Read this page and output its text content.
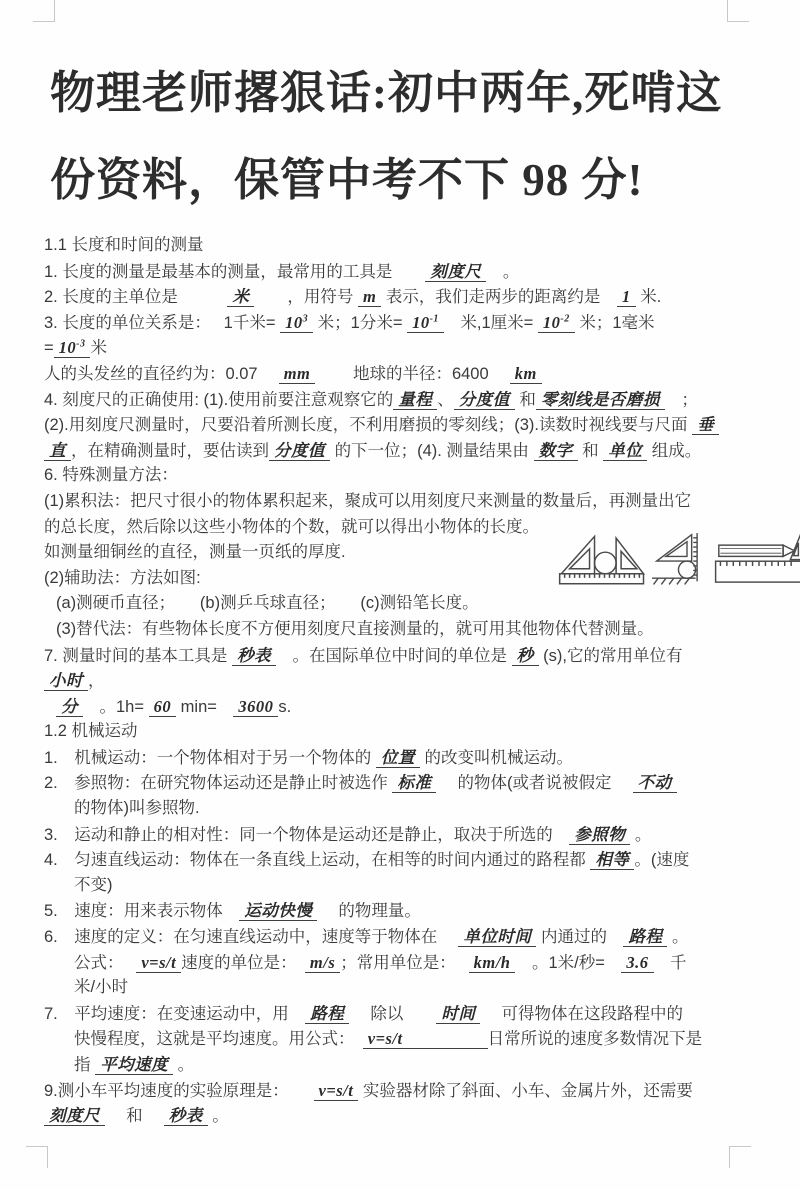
物理老师撂狠话:初中两年,死啃这
份资料，保管中考不下 98 分!
1.1 长度和时间的测量
1. 长度的测量是最基本的测量，最常用的工具是　　刻度尺　。
2. 长度的主单位是　　　米　　，用符号 m 表示，我们走两步的距离约是　1 米.
3. 长度的单位关系是：　 1千米= $10^3$ 米；1分米= $10^{-1}$　米,1厘米= $10^{-2}$ 米；1毫米
= $10^{-3}$ 米
人的头发丝的直径约为：0.07　 mm　　 地球的半径：6400　 km
4. 刻度尺的正确使用: (1).使用前要注意观察它的 量程 、 分度值 和 零刻线是否磨损　；
(2).用刻度尺测量时，尺要沿着所测长度，不利用磨损的零刻线；(3).读数时视线要与尺面 垂
直 ，在精确测量时，要估读到 分度值 的下一位；(4). 测量结果由 数字 和 单位 组成。
6. 特殊测量方法：
(1)累积法：把尺寸很小的物体累积起来，聚成可以用刻度尺来测量的数量后，再测量出它
的总长度，然后除以这些小物体的个数，就可以得出小物体的长度。
如测量细铜丝的直径，测量一页纸的厚度.
(2)辅助法：方法如图:
(a)测硬币直径；　　(b)测乒乓球直径；　　(c)测铅笔长度。
(3)替代法：有些物体长度不方便用刻度尺直接测量的，就可用其他物体代替测量。
7. 测量时间的基本工具是 秒表　。在国际单位中时间的单位是 秒 (s),它的常用单位有
小时 ，
分　。1h= 60 min=　3600 s.
1.2 机械运动
1.　机械运动：一个物体相对于另一个物体的 位置 的改变叫机械运动。
2.　参照物：在研究物体运动还是静止时被选作 标准　 的物体(或者说被假定　 不动
的物体)叫参照物.
3.　运动和静止的相对性：同一个物体是运动还是静止，取决于所选的　参照物 。
4.　匀速直线运动：物体在一条直线上运动，在相等的时间内通过的路程都 相等 。(速度
不变)
5.　速度：用来表示物体　运动快慢　 的物理量。
6.　速度的定义：在匀速直线运动中，速度等于物体在　 单位时间 内通过的　路程 。
公式：　 v=s/t 速度的单位是：　m/s ；常用单位是：　 km/h　。1米/秒=　3.6　千
米/小时
7.　平均速度：在变速运动中，用　路程　 除以　　时间　 可得物体在这段路程中的
快慢程度，这就是平均速度。用公式：　v=s/t	日常所说的速度多数情况下是
指 平均速度 。
9.测小车平均速度的实验原理是：　　v=s/t 实验器材除了斜面、小车、金属片外，还需要
刻度尺　 和　 秒表 。
